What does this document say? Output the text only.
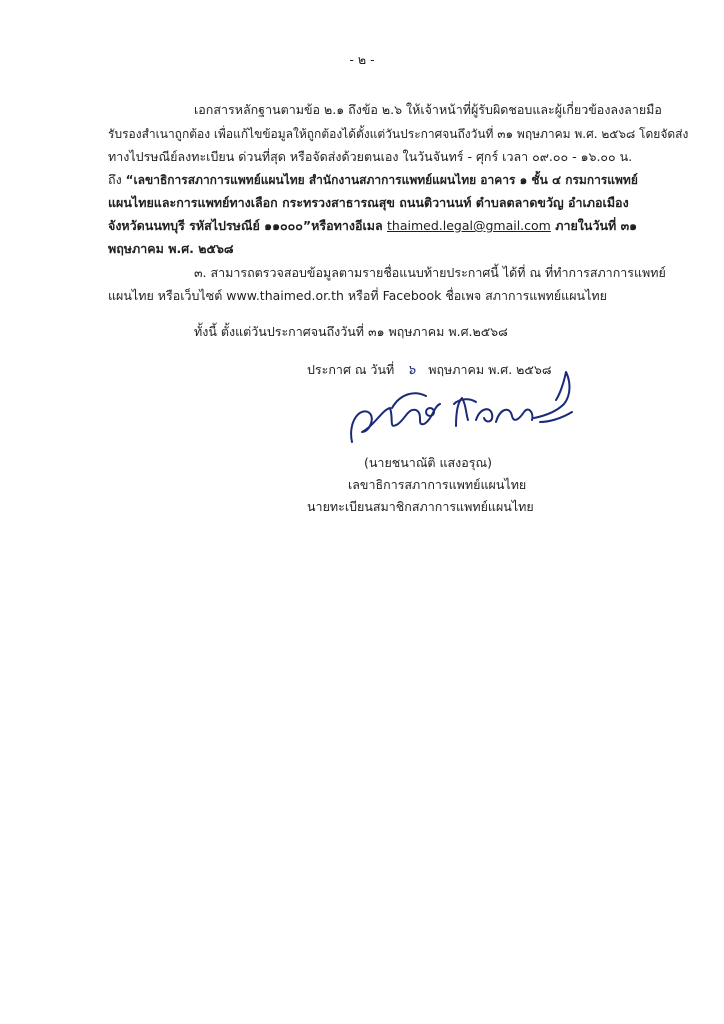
- ๒ -
เอกสารหลักฐานตามข้อ ๒.๑ ถึงข้อ ๒.๖ ให้เจ้าหน้าที่ผู้รับผิดชอบและผู้เกี่ยวข้องลงลายมือ
รับรองสำเนาถูกต้อง เพื่อแก้ไขข้อมูลให้ถูกต้องได้ตั้งแต่วันประกาศจนถึงวันที่ ๓๑ พฤษภาคม พ.ศ. ๒๕๖๘ โดยจัดส่ง
ทางไปรษณีย์ลงทะเบียน ด่วนที่สุด หรือจัดส่งด้วยตนเอง ในวันจันทร์ - ศุกร์ เวลา ๐๙.๐๐ - ๑๖.๐๐ น.
ถึง “เลขาธิการสภาการแพทย์แผนไทย สำนักงานสภาการแพทย์แผนไทย อาคาร ๑ ชั้น ๔ กรมการแพทย์
แผนไทยและการแพทย์ทางเลือก กระทรวงสาธารณสุข ถนนติวานนท์ ตำบลตลาดขวัญ อำเภอเมือง
จังหวัดนนทบุรี รหัสไปรษณีย์ ๑๑๐๐๐”หรือทางอีเมล thaimed.legal@gmail.com ภายในวันที่ ๓๑
พฤษภาคม พ.ศ. ๒๕๖๘
๓. สามารถตรวจสอบข้อมูลตามรายชื่อแนบท้ายประกาศนี้ ได้ที่ ณ ที่ทำการสภาการแพทย์
แผนไทย หรือเว็บไซต์ www.thaimed.or.th หรือที่ Facebook ชื่อเพจ สภาการแพทย์แผนไทย
ทั้งนี้ ตั้งแต่วันประกาศจนถึงวันที่ ๓๑ พฤษภาคม พ.ศ.๒๕๖๘
ประกาศ ณ วันที่ ๖ พฤษภาคม พ.ศ. ๒๕๖๘
(นายชนาณัติ แสงอรุณ)
เลขาธิการสภาการแพทย์แผนไทย
นายทะเบียนสมาชิกสภาการแพทย์แผนไทย
